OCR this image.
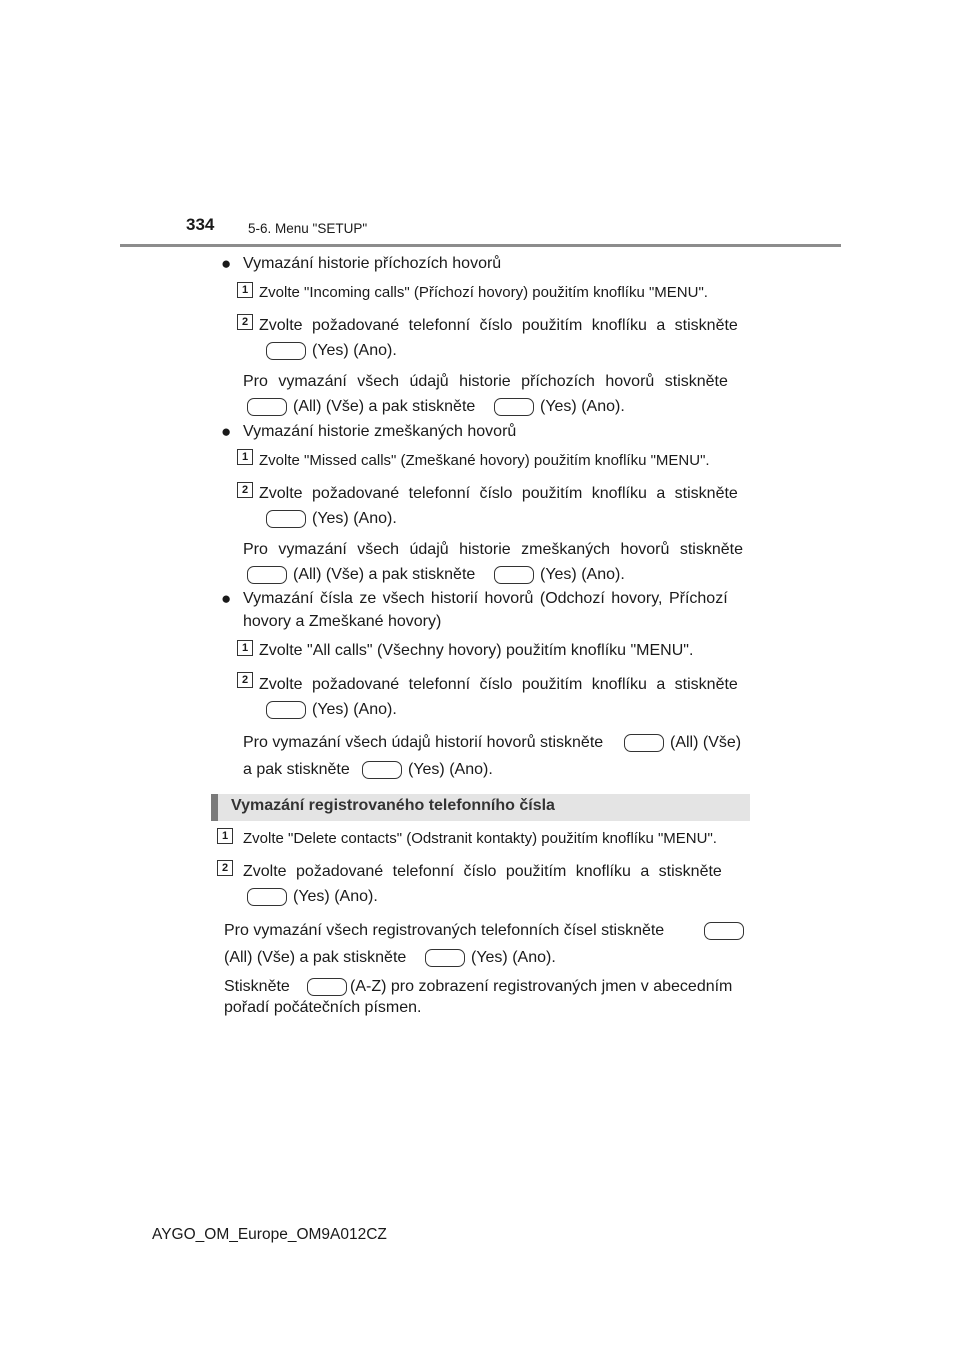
334 5-6. Menu "SETUP"
● Vymazání historie příchozích hovorů
1 Zvolte "Incoming calls" (Příchozí hovory) použitím knoflíku "MENU".
2 Zvolte požadované telefonní číslo použitím knoflíku a stiskněte
(Yes) (Ano).
Pro vymazání všech údajů historie příchozích hovorů stiskněte
(All) (Vše) a pak stiskněte	(Yes) (Ano).
● Vymazání historie zmeškaných hovorů
1 Zvolte "Missed calls" (Zmeškané hovory) použitím knoflíku "MENU".
2 Zvolte požadované telefonní číslo použitím knoflíku a stiskněte
(Yes) (Ano).
Pro vymazání všech údajů historie zmeškaných hovorů stiskněte
(All) (Vše) a pak stiskněte	(Yes) (Ano).
● Vymazání čísla ze všech historií hovorů (Odchozí hovory, Příchozí
hovory a Zmeškané hovory)
1 Zvolte "All calls" (Všechny hovory) použitím knoflíku "MENU".
2 Zvolte požadované telefonní číslo použitím knoflíku a stiskněte
(Yes) (Ano).
Pro vymazání všech údajů historií hovorů stiskněte	(All) (Vše)
a pak stiskněte	(Yes) (Ano).
Vymazání registrovaného telefonního čísla
1 Zvolte "Delete contacts" (Odstranit kontakty) použitím knoflíku "MENU".
2 Zvolte požadované telefonní číslo použitím knoflíku a stiskněte
(Yes) (Ano).
Pro vymazání všech registrovaných telefonních čísel stiskněte
(All) (Vše) a pak stiskněte	(Yes) (Ano).
Stiskněte	(A-Z) pro zobrazení registrovaných jmen v abecedním
pořadí počátečních písmen.
AYGO_OM_Europe_OM9A012CZ
